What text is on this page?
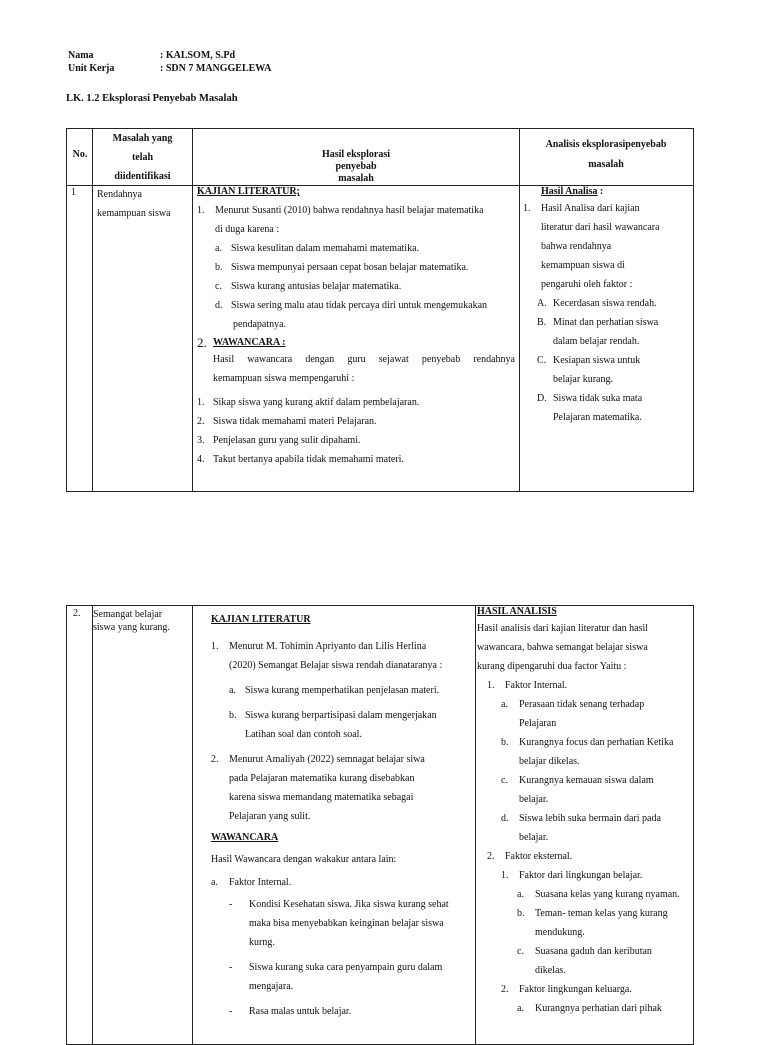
Nama	: KALSOM, S.Pd
Unit Kerja	: SDN 7 MANGGELEWA
LK. 1.2 Eksplorasi Penyebab Masalah
No.
Masalah yang
telah
diidentifikasi
Hasil eksplorasi
penyebab
masalah
Analisis eksplorasipenyebab
masalah
1 Rendahnya
kemampuan siswa
KAJIAN LITERATUR;
1. Menurut Susanti (2010) bahwa rendahnya hasil belajar matematika
di duga karena :
a. Siswa kesulitan dalam memahami matematika.
b. Siswa mempunyai persaan cepat bosan belajar matematika.
c. Siswa kurang antusias belajar matematika.
d. Siswa sering malu atau tidak percaya diri untuk mengemukakan
pendapatnya.
2. WAWANCARA :
Hasil wawancara dengan guru sejawat penyebab rendahnya
kemampuan siswa mempengaruhi :
1. Sikap siswa yang kurang aktif dalam pembelajaran.
2. Siswa tidak memahami materi Pelajaran.
3. Penjelasan guru yang sulit dipahami.
4. Takut bertanya apabila tidak memahami materi.
Hasil Analisa :
1. Hasil Analisa dari kajian
literatur dari hasil wawancara
bahwa rendahnya
kemampuan siswa di
pengaruhi oleh faktor :
A. Kecerdasan siswa rendah.
B. Minat dan perhatian siswa
dalam belajar rendah.
C. Kesiapan siswa untuk
belajar kurang.
D. Siswa tidak suka mata
Pelajaran matematika.
2. Semangat belajar
siswa yang kurang.
KAJIAN LITERATUR
1. Menurut M. Tohimin Apriyanto dan Lilis Herlina
(2020) Semangat Belajar siswa rendah dianataranya :
a. Siswa kurang memperhatikan penjelasan materi.
b. Siswa kurang berpartisipasi dalam mengerjakan
Latihan soal dan contoh soal.
2. Menurut Amaliyah (2022) semnagat belajar siwa
pada Pelajaran matematika kurang disebabkan
karena siswa memandang matematika sebagai
Pelajaran yang sulit.
WAWANCARA
Hasil Wawancara dengan wakakur antara lain:
a. Faktor Internal.
- Kondisi Kesehatan siswa. Jika siswa kurang sehat
maka bisa menyebabkan keinginan belajar siswa
kurng.
- Siswa kurang suka cara penyampain guru dalam
mengajara.
- Rasa malas untuk belajar.
HASIL ANALISIS
Hasil analisis dari kajian literatur dan hasil
wawancara, bahwa semangat belajar siswa
kurang dipengaruhi dua factor Yaitu :
1. Faktor Internal.
a. Perasaan tidak senang terhadap
Pelajaran
b. Kurangnya focus dan perhatian Ketika
belajar dikelas.
c. Kurangnya kemauan siswa dalam
belajar.
d. Siswa lebih suka bermain dari pada
belajar.
2. Faktor eksternal.
1. Faktor dari lingkungan belajar.
a. Suasana kelas yang kurang nyaman.
b. Teman- teman kelas yang kurang
mendukung.
c. Suasana gaduh dan keributan
dikelas.
2. Faktor lingkungan keluarga.
a. Kurangnya perhatian dari pihak
